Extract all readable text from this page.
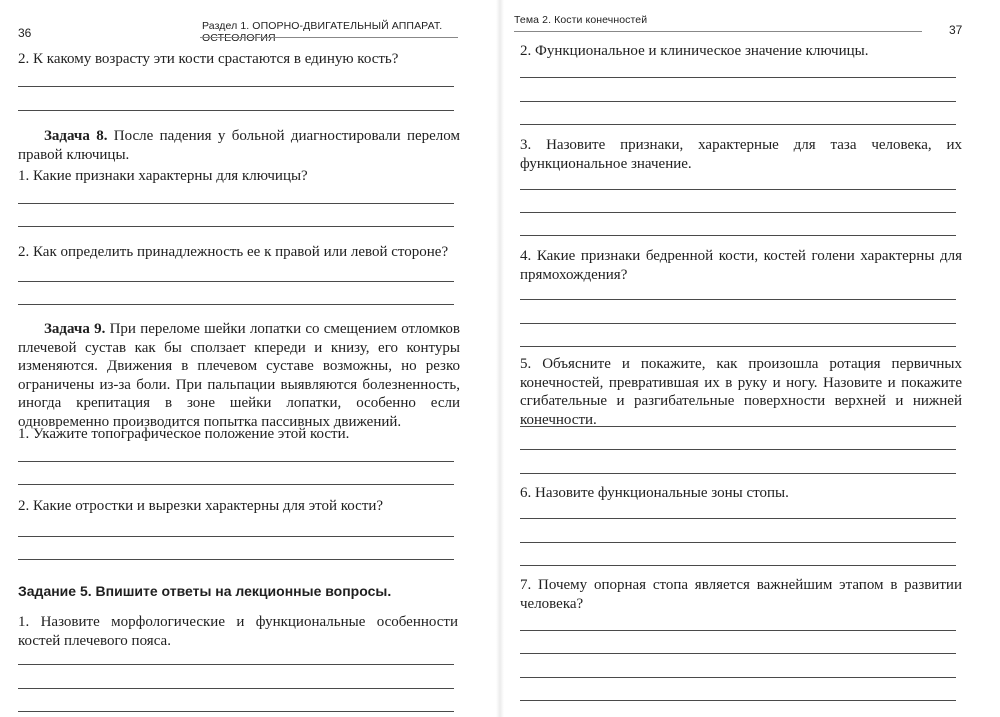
36	Раздел 1. ОПОРНО-ДВИГАТЕЛЬНЫЙ АППАРАТ. ОСТЕОЛОГИЯ
2. К какому возрасту эти кости срастаются в единую кость?
Задача 8. После падения у больной диагностировали перелом правой ключицы.
1. Какие признаки характерны для ключицы?
2. Как определить принадлежность ее к правой или левой стороне?
Задача 9. При переломе шейки лопатки со смещением отломков плечевой сустав как бы сползает кпереди и книзу, его контуры изменяются. Движения в плечевом суставе возможны, но резко ограничены из-за боли. При пальпации выявляются болезненность, иногда крепитация в зоне шейки лопатки, особенно если одновременно производится попытка пассивных движений.
1. Укажите топографическое положение этой кости.
2. Какие отростки и вырезки характерны для этой кости?
Задание 5. Впишите ответы на лекционные вопросы.
1. Назовите морфологические и функциональные особенности костей плечевого пояса.
Тема 2. Кости конечностей
37
2. Функциональное и клиническое значение ключицы.
3. Назовите признаки, характерные для таза человека, их функциональное значение.
4. Какие признаки бедренной кости, костей голени характерны для прямохождения?
5. Объясните и покажите, как произошла ротация первичных конечностей, превратившая их в руку и ногу. Назовите и покажите сгибательные и разгибательные поверхности верхней и нижней конечности.
6. Назовите функциональные зоны стопы.
7. Почему опорная стопа является важнейшим этапом в развитии человека?
